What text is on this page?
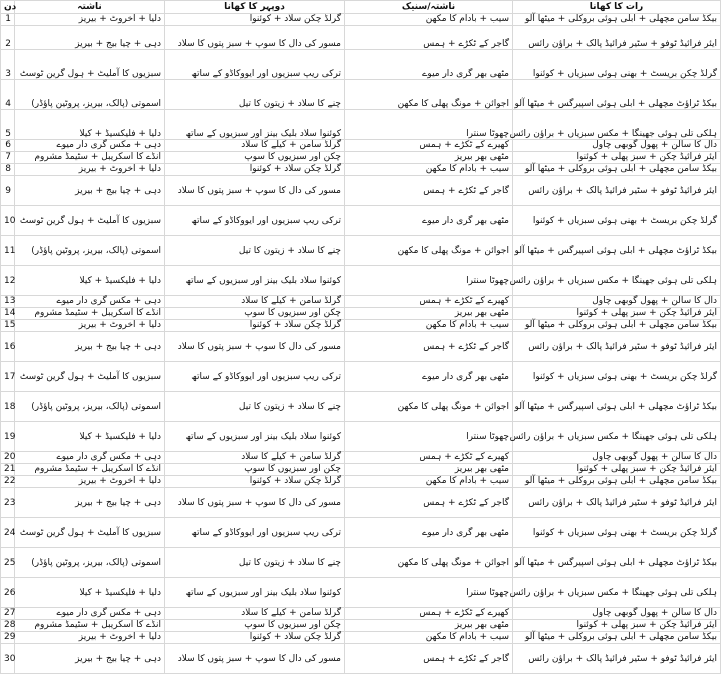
دن	ناشتہ	دوپہر کا کھانا	ناشتہ/سنیک	رات کا کھانا
1	دلیا + اخروٹ + بیریز	گرلڈ چکن سلاد + کوئنوا	سیب + بادام کا مکھن	بیکڈ سامن مچھلی + ابلی ہوئی بروکلی + میٹھا آلو
2	دہی + چیا بیج + بیریز	مسور کی دال کا سوپ + سبز پتوں کا سلاد	گاجر کے ٹکڑے + ہمس	ایئر فرائیڈ ٹوفو + سٹیر فرائیڈ پالک + براؤن رائس
3	سبزیوں کا آملیٹ + ہول گرین ٹوسٹ	ترکی ریپ سبزیوں اور ایووکاڈو کے ساتھ	مٹھی بھر گری دار میوے	گرلڈ چکن بریسٹ + بھنی ہوئی سبزیاں + کوئنوا
4	اسموتی (پالک، بیریز، پروٹین پاؤڈر)	چنے کا سلاد + زیتون کا تیل	اجوائن + مونگ پھلی کا مکھن	بیکڈ ٹراؤٹ مچھلی + ابلی ہوئی اسپیرگس + میٹھا آلو
5	دلیا + فلیکسیڈ + کیلا	کوئنوا سلاد بلیک بینز اور سبزیوں کے ساتھ	چھوٹا سنترا	ہلکی تلی ہوئی جھینگا + مکس سبزیاں + براؤن رائس
6	دہی + مکس گری دار میوے	گرلڈ سامن + کیلے کا سلاد	کھیرے کے ٹکڑے + ہمس	دال کا سالن + پھول گوبھی چاول
7	انڈے کا اسکریبل + سٹیمڈ مشروم	چکن اور سبزیوں کا سوپ	مٹھی بھر بیریز	ایئر فرائیڈ چکن + سبز پھلی + کوئنوا
8	دلیا + اخروٹ + بیریز	گرلڈ چکن سلاد + کوئنوا	سیب + بادام کا مکھن	بیکڈ سامن مچھلی + ابلی ہوئی بروکلی + میٹھا آلو
9	دہی + چیا بیج + بیریز	مسور کی دال کا سوپ + سبز پتوں کا سلاد	گاجر کے ٹکڑے + ہمس	ایئر فرائیڈ ٹوفو + سٹیر فرائیڈ پالک + براؤن رائس
10	سبزیوں کا آملیٹ + ہول گرین ٹوسٹ	ترکی ریپ سبزیوں اور ایووکاڈو کے ساتھ	مٹھی بھر گری دار میوے	گرلڈ چکن بریسٹ + بھنی ہوئی سبزیاں + کوئنوا
11	اسموتی (پالک، بیریز، پروٹین پاؤڈر)	چنے کا سلاد + زیتون کا تیل	اجوائن + مونگ پھلی کا مکھن	بیکڈ ٹراؤٹ مچھلی + ابلی ہوئی اسپیرگس + میٹھا آلو
12	دلیا + فلیکسیڈ + کیلا	کوئنوا سلاد بلیک بینز اور سبزیوں کے ساتھ	چھوٹا سنترا	ہلکی تلی ہوئی جھینگا + مکس سبزیاں + براؤن رائس
13	دہی + مکس گری دار میوے	گرلڈ سامن + کیلے کا سلاد	کھیرے کے ٹکڑے + ہمس	دال کا سالن + پھول گوبھی چاول
14	انڈے کا اسکریبل + سٹیمڈ مشروم	چکن اور سبزیوں کا سوپ	مٹھی بھر بیریز	ایئر فرائیڈ چکن + سبز پھلی + کوئنوا
15	دلیا + اخروٹ + بیریز	گرلڈ چکن سلاد + کوئنوا	سیب + بادام کا مکھن	بیکڈ سامن مچھلی + ابلی ہوئی بروکلی + میٹھا آلو
16	دہی + چیا بیج + بیریز	مسور کی دال کا سوپ + سبز پتوں کا سلاد	گاجر کے ٹکڑے + ہمس	ایئر فرائیڈ ٹوفو + سٹیر فرائیڈ پالک + براؤن رائس
17	سبزیوں کا آملیٹ + ہول گرین ٹوسٹ	ترکی ریپ سبزیوں اور ایووکاڈو کے ساتھ	مٹھی بھر گری دار میوے	گرلڈ چکن بریسٹ + بھنی ہوئی سبزیاں + کوئنوا
18	اسموتی (پالک، بیریز، پروٹین پاؤڈر)	چنے کا سلاد + زیتون کا تیل	اجوائن + مونگ پھلی کا مکھن	بیکڈ ٹراؤٹ مچھلی + ابلی ہوئی اسپیرگس + میٹھا آلو
19	دلیا + فلیکسیڈ + کیلا	کوئنوا سلاد بلیک بینز اور سبزیوں کے ساتھ	چھوٹا سنترا	ہلکی تلی ہوئی جھینگا + مکس سبزیاں + براؤن رائس
20	دہی + مکس گری دار میوے	گرلڈ سامن + کیلے کا سلاد	کھیرے کے ٹکڑے + ہمس	دال کا سالن + پھول گوبھی چاول
21	انڈے کا اسکریبل + سٹیمڈ مشروم	چکن اور سبزیوں کا سوپ	مٹھی بھر بیریز	ایئر فرائیڈ چکن + سبز پھلی + کوئنوا
22	دلیا + اخروٹ + بیریز	گرلڈ چکن سلاد + کوئنوا	سیب + بادام کا مکھن	بیکڈ سامن مچھلی + ابلی ہوئی بروکلی + میٹھا آلو
23	دہی + چیا بیج + بیریز	مسور کی دال کا سوپ + سبز پتوں کا سلاد	گاجر کے ٹکڑے + ہمس	ایئر فرائیڈ ٹوفو + سٹیر فرائیڈ پالک + براؤن رائس
24	سبزیوں کا آملیٹ + ہول گرین ٹوسٹ	ترکی ریپ سبزیوں اور ایووکاڈو کے ساتھ	مٹھی بھر گری دار میوے	گرلڈ چکن بریسٹ + بھنی ہوئی سبزیاں + کوئنوا
25	اسموتی (پالک، بیریز، پروٹین پاؤڈر)	چنے کا سلاد + زیتون کا تیل	اجوائن + مونگ پھلی کا مکھن	بیکڈ ٹراؤٹ مچھلی + ابلی ہوئی اسپیرگس + میٹھا آلو
26	دلیا + فلیکسیڈ + کیلا	کوئنوا سلاد بلیک بینز اور سبزیوں کے ساتھ	چھوٹا سنترا	ہلکی تلی ہوئی جھینگا + مکس سبزیاں + براؤن رائس
27	دہی + مکس گری دار میوے	گرلڈ سامن + کیلے کا سلاد	کھیرے کے ٹکڑے + ہمس	دال کا سالن + پھول گوبھی چاول
28	انڈے کا اسکریبل + سٹیمڈ مشروم	چکن اور سبزیوں کا سوپ	مٹھی بھر بیریز	ایئر فرائیڈ چکن + سبز پھلی + کوئنوا
29	دلیا + اخروٹ + بیریز	گرلڈ چکن سلاد + کوئنوا	سیب + بادام کا مکھن	بیکڈ سامن مچھلی + ابلی ہوئی بروکلی + میٹھا آلو
30	دہی + چیا بیج + بیریز	مسور کی دال کا سوپ + سبز پتوں کا سلاد	گاجر کے ٹکڑے + ہمس	ایئر فرائیڈ ٹوفو + سٹیر فرائیڈ پالک + براؤن رائس
